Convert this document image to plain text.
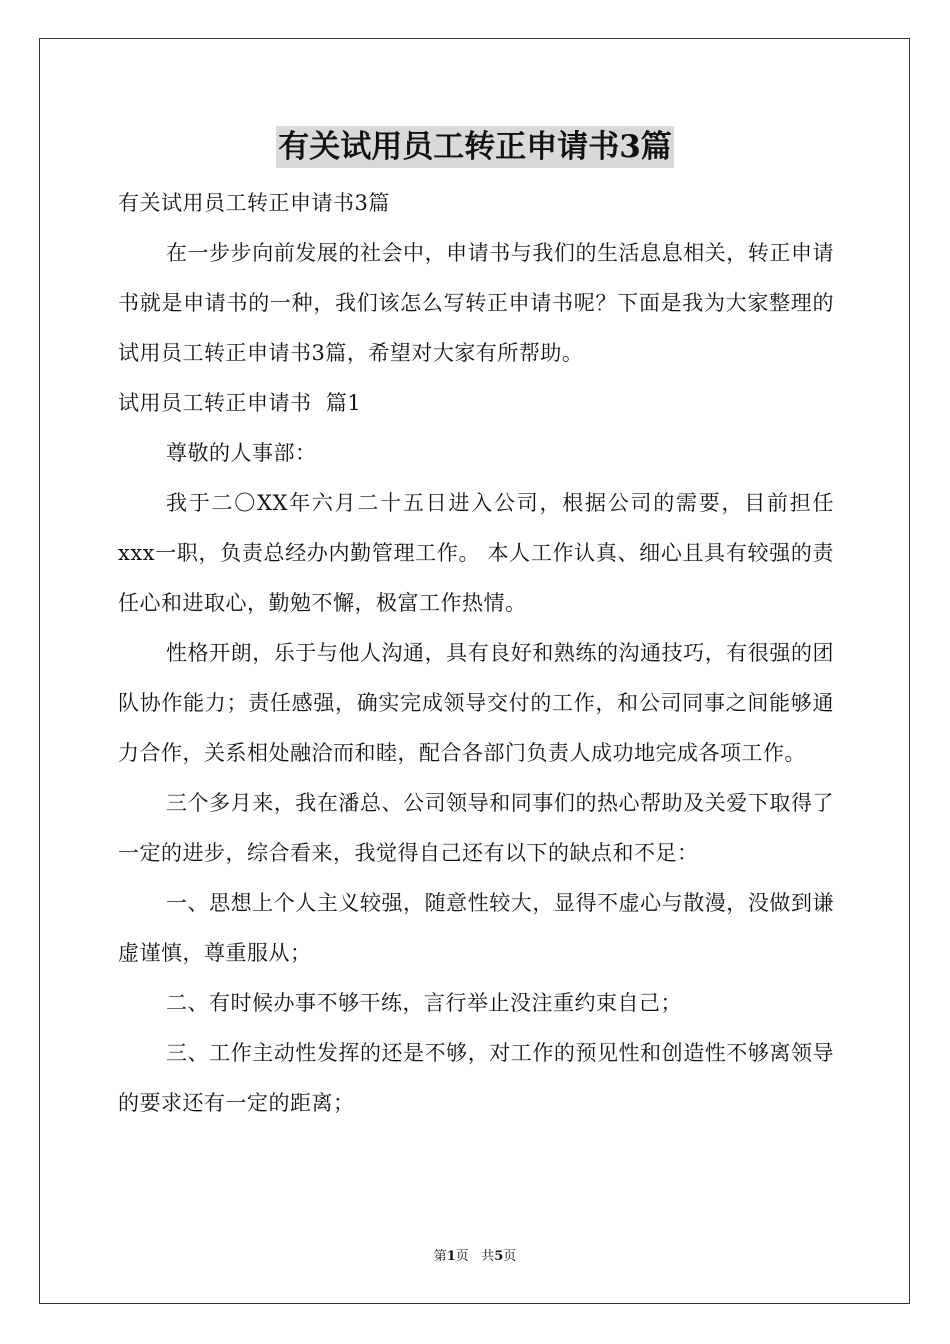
有关试用员工转正申请书3篇

有关试用员工转正申请书3篇

在一步步向前发展的社会中，申请书与我们的生活息息相关，转正申请书就是申请书的一种，我们该怎么写转正申请书呢？下面是我为大家整理的试用员工转正申请书3篇，希望对大家有所帮助。

试用员工转正申请书  篇1

尊敬的人事部：

我于二〇XX年六月二十五日进入公司，根据公司的需要，目前担任xxx一职，负责总经办内勤管理工作。 本人工作认真、细心且具有较强的责任心和进取心，勤勉不懈，极富工作热情。

性格开朗，乐于与他人沟通，具有良好和熟练的沟通技巧，有很强的团队协作能力；责任感强，确实完成领导交付的工作，和公司同事之间能够通力合作，关系相处融洽而和睦，配合各部门负责人成功地完成各项工作。

三个多月来，我在潘总、公司领导和同事们的热心帮助及关爱下取得了一定的进步，综合看来，我觉得自己还有以下的缺点和不足：

一、思想上个人主义较强，随意性较大，显得不虚心与散漫，没做到谦虚谨慎，尊重服从；

二、有时候办事不够干练，言行举止没注重约束自己；

三、工作主动性发挥的还是不够，对工作的预见性和创造性不够离领导的要求还有一定的距离；

第1页 共5页
